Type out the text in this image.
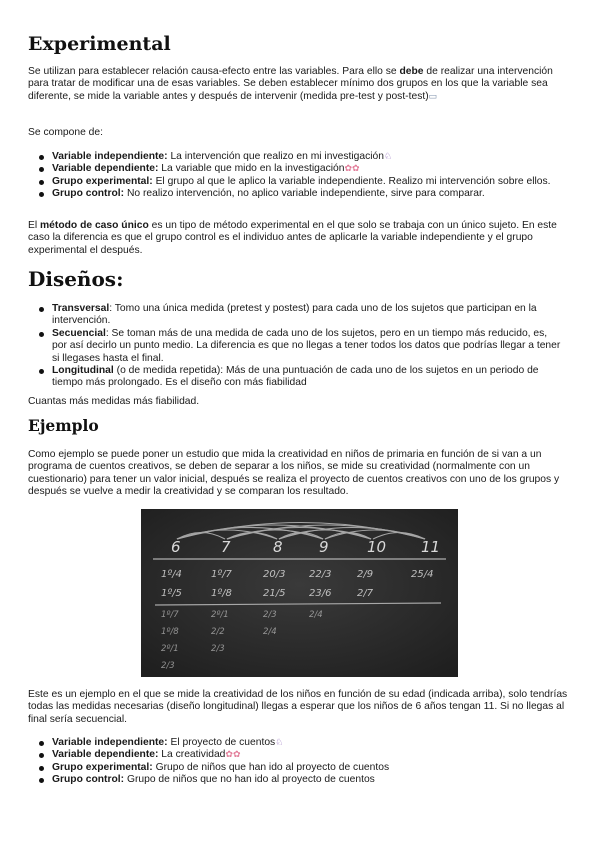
Experimental

Se utilizan para establecer relación causa-efecto entre las variables. Para ello se debe de realizar una intervención para tratar de modificar una de esas variables. Se deben establecer mínimo dos grupos en los que la variable sea diferente, se mide la variable antes y después de intervenir (medida pre-test y post-test)▭

Se compone de:

Variable independiente: La intervención que realizo en mi investigación♘
Variable dependiente: La variable que mido en la investigación✿✿
Grupo experimental: El grupo al que le aplico la variable independiente. Realizo mi intervención sobre ellos.
Grupo control: No realizo intervención, no aplico variable independiente, sirve para comparar.

El método de caso único es un tipo de método experimental en el que solo se trabaja con un único sujeto. En este caso la diferencia es que el grupo control es el individuo antes de aplicarle la variable independiente y el grupo experimental el después.

Diseños:
Transversal: Tomo una única medida (pretest y postest) para cada uno de los sujetos que participan en la intervención.
Secuencial: Se toman más de una medida de cada uno de los sujetos, pero en un tiempo más reducido, es, por así decirlo un punto medio. La diferencia es que no llegas a tener todos los datos que podrías llegar a tener si llegases hasta el final.
Longitudinal (o de medida repetida): Más de una puntuación de cada uno de los sujetos en un periodo de tiempo más prolongado. Es el diseño con más fiabilidad

Cuantas más medidas más fiabilidad.

Ejemplo

Como ejemplo se puede poner un estudio que mida la creatividad en niños de primaria en función de si van a un programa de cuentos creativos, se deben de separar a los niños, se mide su creatividad (normalmente con un cuestionario) para tener un valor inicial, después se realiza el proyecto de cuentos creativos con uno de los grupos y después se vuelve a medir la creatividad y se comparan los resultado.

6	7	8 9	10 11
1º/4	1º/7	20/3 22/3	2/9	25/4
1º/5	1º/8	21/5 23/6	2/7
1º/7	2º/1	2/3	2/4
1º/8	2/2	2/4
2º/1	2/3
2/3

Este es un ejemplo en el que se mide la creatividad de los niños en función de su edad (indicada arriba), solo tendrías todas las medidas necesarias (diseño longitudinal) llegas a esperar que los niños de 6 años tengan 11. Si no llegas al final sería secuencial.

Variable independiente: El proyecto de cuentos♘
Variable dependiente: La creatividad✿✿
Grupo experimental: Grupo de niños que han ido al proyecto de cuentos
Grupo control: Grupo de niños que no han ido al proyecto de cuentos
